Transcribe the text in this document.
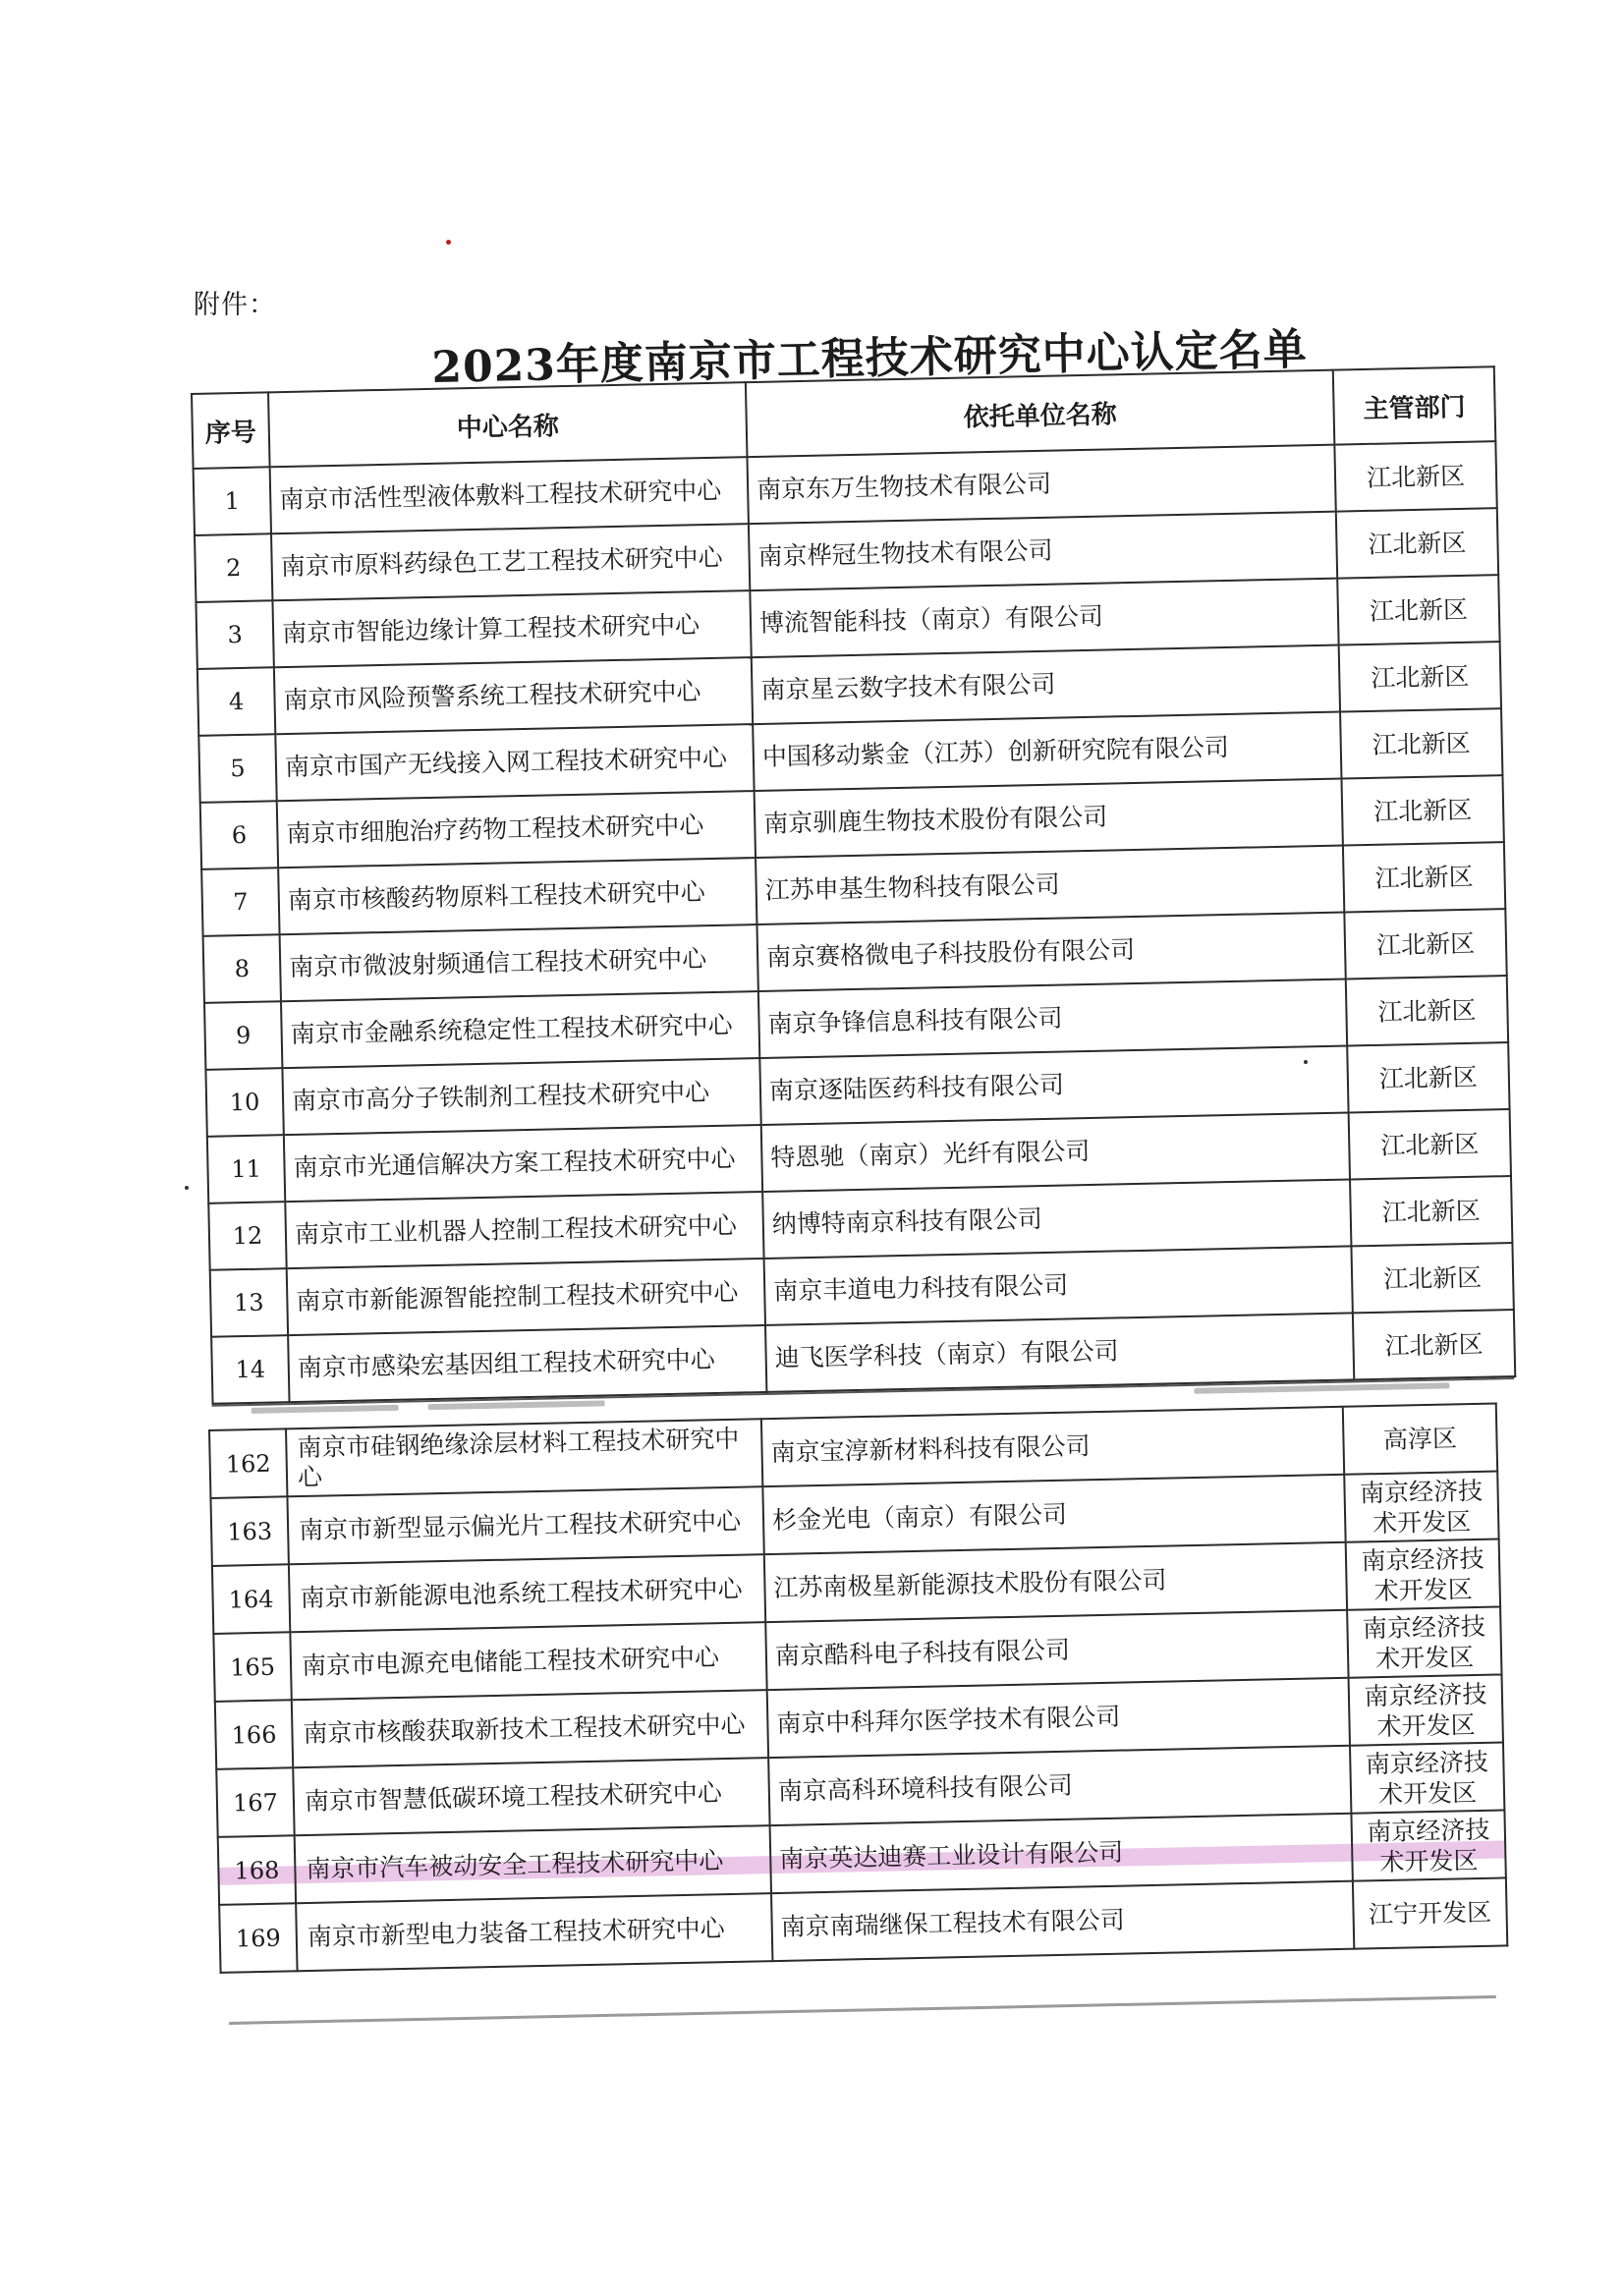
附件：
2023年度南京市工程技术研究中心认定名单
序号	中心名称	依托单位名称	主管部门
1	南京市活性型液体敷料工程技术研究中心	南京东万生物技术有限公司	江北新区
2	南京市原料药绿色工艺工程技术研究中心	南京桦冠生物技术有限公司	江北新区
3	南京市智能边缘计算工程技术研究中心	博流智能科技（南京）有限公司	江北新区
4	南京市风险预警系统工程技术研究中心	南京星云数字技术有限公司	江北新区
5	南京市国产无线接入网工程技术研究中心	中国移动紫金（江苏）创新研究院有限公司	江北新区
6	南京市细胞治疗药物工程技术研究中心	南京驯鹿生物技术股份有限公司	江北新区
7	南京市核酸药物原料工程技术研究中心	江苏申基生物科技有限公司	江北新区
8	南京市微波射频通信工程技术研究中心	南京赛格微电子科技股份有限公司	江北新区
9	南京市金融系统稳定性工程技术研究中心	南京争锋信息科技有限公司	江北新区
10	南京市高分子铁制剂工程技术研究中心	南京逐陆医药科技有限公司	江北新区
11	南京市光通信解决方案工程技术研究中心	特恩驰（南京）光纤有限公司	江北新区
12	南京市工业机器人控制工程技术研究中心	纳博特南京科技有限公司	江北新区
13	南京市新能源智能控制工程技术研究中心	南京丰道电力科技有限公司	江北新区
14	南京市感染宏基因组工程技术研究中心	迪飞医学科技（南京）有限公司	江北新区
162	南京市硅钢绝缘涂层材料工程技术研究中心	南京宝淳新材料科技有限公司	高淳区
163	南京市新型显示偏光片工程技术研究中心	杉金光电（南京）有限公司	南京经济技术开发区
164	南京市新能源电池系统工程技术研究中心	江苏南极星新能源技术股份有限公司	南京经济技术开发区
165	南京市电源充电储能工程技术研究中心	南京酷科电子科技有限公司	南京经济技术开发区
166	南京市核酸获取新技术工程技术研究中心	南京中科拜尔医学技术有限公司	南京经济技术开发区
167	南京市智慧低碳环境工程技术研究中心	南京高科环境科技有限公司	南京经济技术开发区
168	南京市汽车被动安全工程技术研究中心	南京英达迪赛工业设计有限公司	南京经济技术开发区
169	南京市新型电力装备工程技术研究中心	南京南瑞继保工程技术有限公司	江宁开发区
